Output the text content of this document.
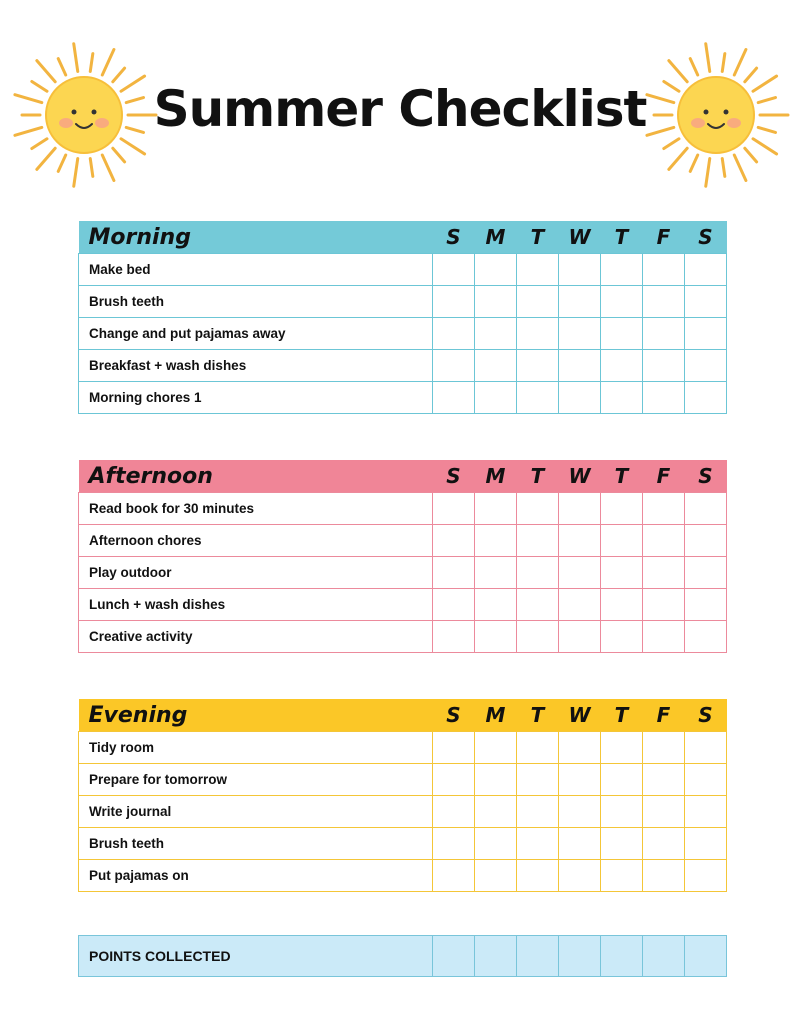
Summer Checklist
Morning	S	M	T	W	T	F	S
Make bed							
Brush teeth							
Change and put pajamas away							
Breakfast + wash dishes							
Morning chores 1							
Afternoon	S	M	T	W	T	F	S
Read book for 30 minutes							
Afternoon chores							
Play outdoor							
Lunch + wash dishes							
Creative activity							
Evening	S	M	T	W	T	F	S
Tidy room							
Prepare for tomorrow							
Write journal							
Brush teeth							
Put pajamas on							
POINTS COLLECTED							
